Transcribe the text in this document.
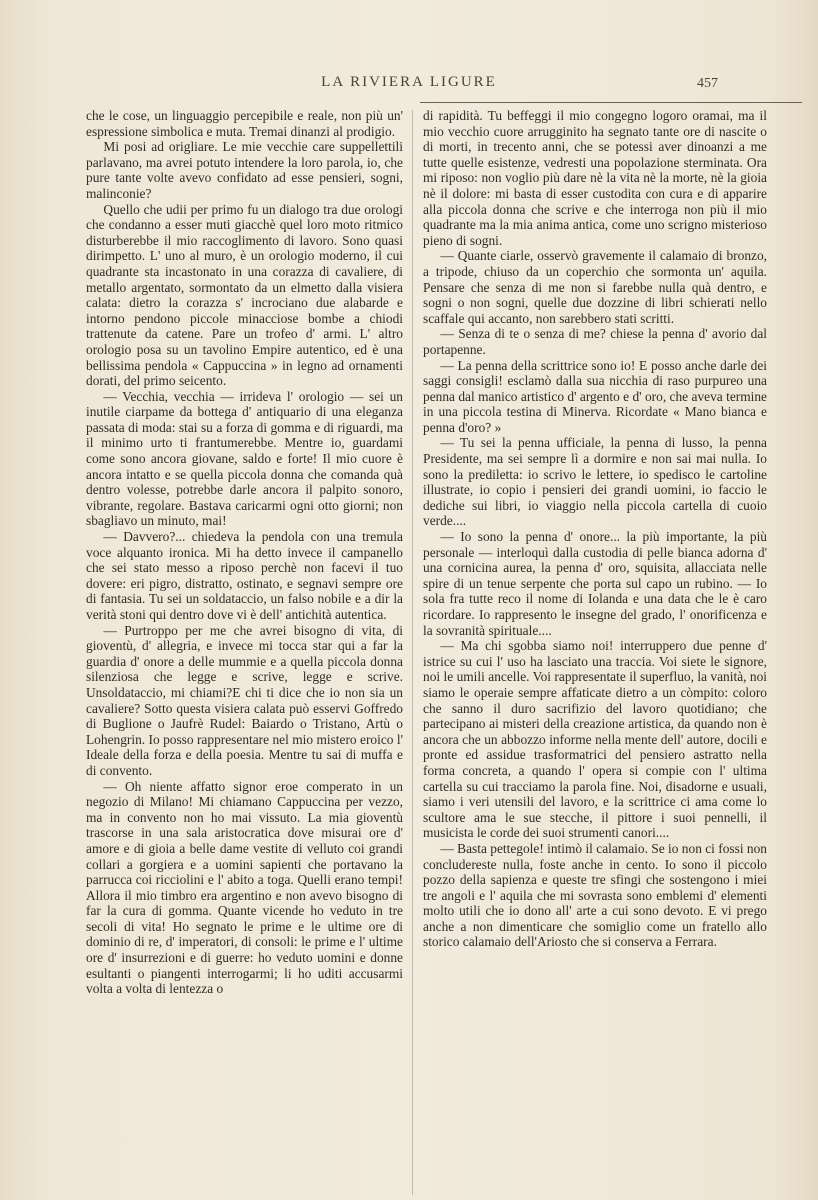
LA RIVIERA LIGURE	457

che le cose, un linguaggio percepibile e reale, non più un' espressione simbolica e muta. Tremai dinanzi al prodigio.

Mi posi ad origliare. Le mie vecchie care suppellettili parlavano, ma avrei potuto intendere la loro parola, io, che pure tante volte avevo confidato ad esse pensieri, sogni, malinconie?

Quello che udii per primo fu un dialogo tra due orologi che condanno a esser muti giacchè quel loro moto ritmico disturberebbe il mio raccoglimento di lavoro. Sono quasi dirimpetto. L' uno al muro, è un orologio moderno, il cui quadrante sta incastonato in una corazza di cavaliere, di metallo argentato, sormontato da un elmetto dalla visiera calata: dietro la corazza s' incrociano due alabarde e intorno pendono piccole minacciose bombe a chiodi trattenute da catene. Pare un trofeo d' armi. L' altro orologio posa su un tavolino Empire autentico, ed è una bellissima pendola « Cappuccina » in legno ad ornamenti dorati, del primo seicento.

— Vecchia, vecchia — irrideva l' orologio — sei un inutile ciarpame da bottega d' antiquario di una eleganza passata di moda: stai su a forza di gomma e di riguardi, ma il minimo urto ti frantumerebbe. Mentre io, guardami come sono ancora giovane, saldo e forte! Il mio cuore è ancora intatto e se quella piccola donna che comanda quà dentro volesse, potrebbe darle ancora il palpito sonoro, vibrante, regolare. Bastava caricarmi ogni otto giorni; non sbagliavo un minuto, mai!

— Davvero?... chiedeva la pendola con una tremula voce alquanto ironica. Mi ha detto invece il campanello che sei stato messo a riposo perchè non facevi il tuo dovere: eri pigro, distratto, ostinato, e segnavi sempre ore di fantasia. Tu sei un soldataccio, un falso nobile e a dir la verità stoni qui dentro dove vi è dell' antichità autentica.

— Purtroppo per me che avrei bisogno di vita, di gioventù, d' allegria, e invece mi tocca star qui a far la guardia d' onore a delle mummie e a quella piccola donna silenziosa che legge e scrive, legge e scrive. Unsoldataccio, mi chiami?E chi ti dice che io non sia un cavaliere? Sotto questa visiera calata può esservi Goffredo di Buglione o Jaufrè Rudel: Baiardo o Tristano, Artù o Lohengrin. Io posso rappresentare nel mio mistero eroico l' Ideale della forza e della poesia. Mentre tu sai di muffa e di convento.

— Oh niente affatto signor eroe comperato in un negozio di Milano! Mi chiamano Cappuccina per vezzo, ma in convento non ho mai vissuto. La mia gioventù trascorse in una sala aristocratica dove misurai ore d' amore e di gioia a belle dame vestite di velluto coi grandi collari a gorgiera e a uomini sapienti che portavano la parrucca coi ricciolini e l' abito a toga. Quelli erano tempi! Allora il mio timbro era argentino e non avevo bisogno di far la cura di gomma. Quante vicende ho veduto in tre secoli di vita! Ho segnato le prime e le ultime ore di dominio di re, d' imperatori, di consoli: le prime e l' ultime ore d' insurrezioni e di guerre: ho veduto uomini e donne esultanti o piangenti interrogarmi; li ho uditi accusarmi volta a volta di lentezza o

di rapidità. Tu beffeggi il mio congegno logoro oramai, ma il mio vecchio cuore arrugginito ha segnato tante ore di nascite o di morti, in trecento anni, che se potessi aver dinoanzi a me tutte quelle esistenze, vedresti una popolazione sterminata. Ora mi riposo: non voglio più dare nè la vita nè la morte, nè la gioia nè il dolore: mi basta di esser custodita con cura e di apparire alla piccola donna che scrive e che interroga non più il mio quadrante ma la mia anima antica, come uno scrigno misterioso pieno di sogni.

— Quante ciarle, osservò gravemente il calamaio di bronzo, a tripode, chiuso da un coperchio che sormonta un' aquila. Pensare che senza di me non si farebbe nulla quà dentro, e sogni o non sogni, quelle due dozzine di libri schierati nello scaffale qui accanto, non sarebbero stati scritti.

— Senza di te o senza di me? chiese la penna d' avorio dal portapenne.

— La penna della scrittrice sono io! E posso anche darle dei saggi consigli! esclamò dalla sua nicchia di raso purpureo una penna dal manico artistico d' argento e d' oro, che aveva termine in una piccola testina di Minerva. Ricordate « Mano bianca e penna d'oro? »

— Tu sei la penna ufficiale, la penna di lusso, la penna Presidente, ma sei sempre lì a dormire e non sai mai nulla. Io sono la prediletta: io scrivo le lettere, io spedisco le cartoline illustrate, io copio i pensieri dei grandi uomini, io faccio le dediche sui libri, io viaggio nella piccola cartella di cuoio verde....

— Io sono la penna d' onore... la più importante, la più personale — interloquì dalla custodia di pelle bianca adorna d' una cornicina aurea, la penna d' oro, squisita, allacciata nelle spire di un tenue serpente che porta sul capo un rubino. — Io sola fra tutte reco il nome di Iolanda e una data che le è caro ricordare. Io rappresento le insegne del grado, l' onorificenza e la sovranità spirituale....

— Ma chi sgobba siamo noi! interruppero due penne d' istrice su cui l' uso ha lasciato una traccia. Voi siete le signore, noi le umili ancelle. Voi rappresentate il superfluo, la vanità, noi siamo le operaie sempre affaticate dietro a un còmpito: coloro che sanno il duro sacrifizio del lavoro quotidiano; che partecipano ai misteri della creazione artistica, da quando non è ancora che un abbozzo informe nella mente dell' autore, docili e pronte ed assidue trasformatrici del pensiero astratto nella forma concreta, a quando l' opera si compie con l' ultima cartella su cui tracciamo la parola fine. Noi, disadorne e usuali, siamo i veri utensili del lavoro, e la scrittrice ci ama come lo scultore ama le sue stecche, il pittore i suoi pennelli, il musicista le corde dei suoi strumenti canori....

— Basta pettegole! intimò il calamaio. Se io non ci fossi non concludereste nulla, foste anche in cento. Io sono il piccolo pozzo della sapienza e queste tre sfingi che sostengono i miei tre angoli e l' aquila che mi sovrasta sono emblemi d' elementi molto utili che io dono all' arte a cui sono devoto. E vi prego anche a non dimenticare che somiglio come un fratello allo storico calamaio dell'Ariosto che si conserva a Ferrara.
